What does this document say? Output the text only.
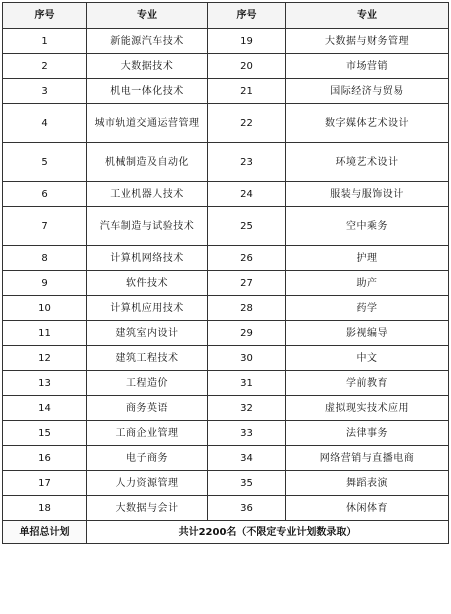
序号	专业	序号	专业
1	新能源汽车技术	19	大数据与财务管理
2	大数据技术	20	市场营销
3	机电一体化技术	21	国际经济与贸易
4	城市轨道交通运营管理	22	数字媒体艺术设计
5	机械制造及自动化	23	环境艺术设计
6	工业机器人技术	24	服装与服饰设计
7	汽车制造与试验技术	25	空中乘务
8	计算机网络技术	26	护理
9	软件技术	27	助产
10	计算机应用技术	28	药学
11	建筑室内设计	29	影视编导
12	建筑工程技术	30	中文
13	工程造价	31	学前教育
14	商务英语	32	虚拟现实技术应用
15	工商企业管理	33	法律事务
16	电子商务	34	网络营销与直播电商
17	人力资源管理	35	舞蹈表演
18	大数据与会计	36	休闲体育
单招总计划	共计2200名（不限定专业计划数录取）		
